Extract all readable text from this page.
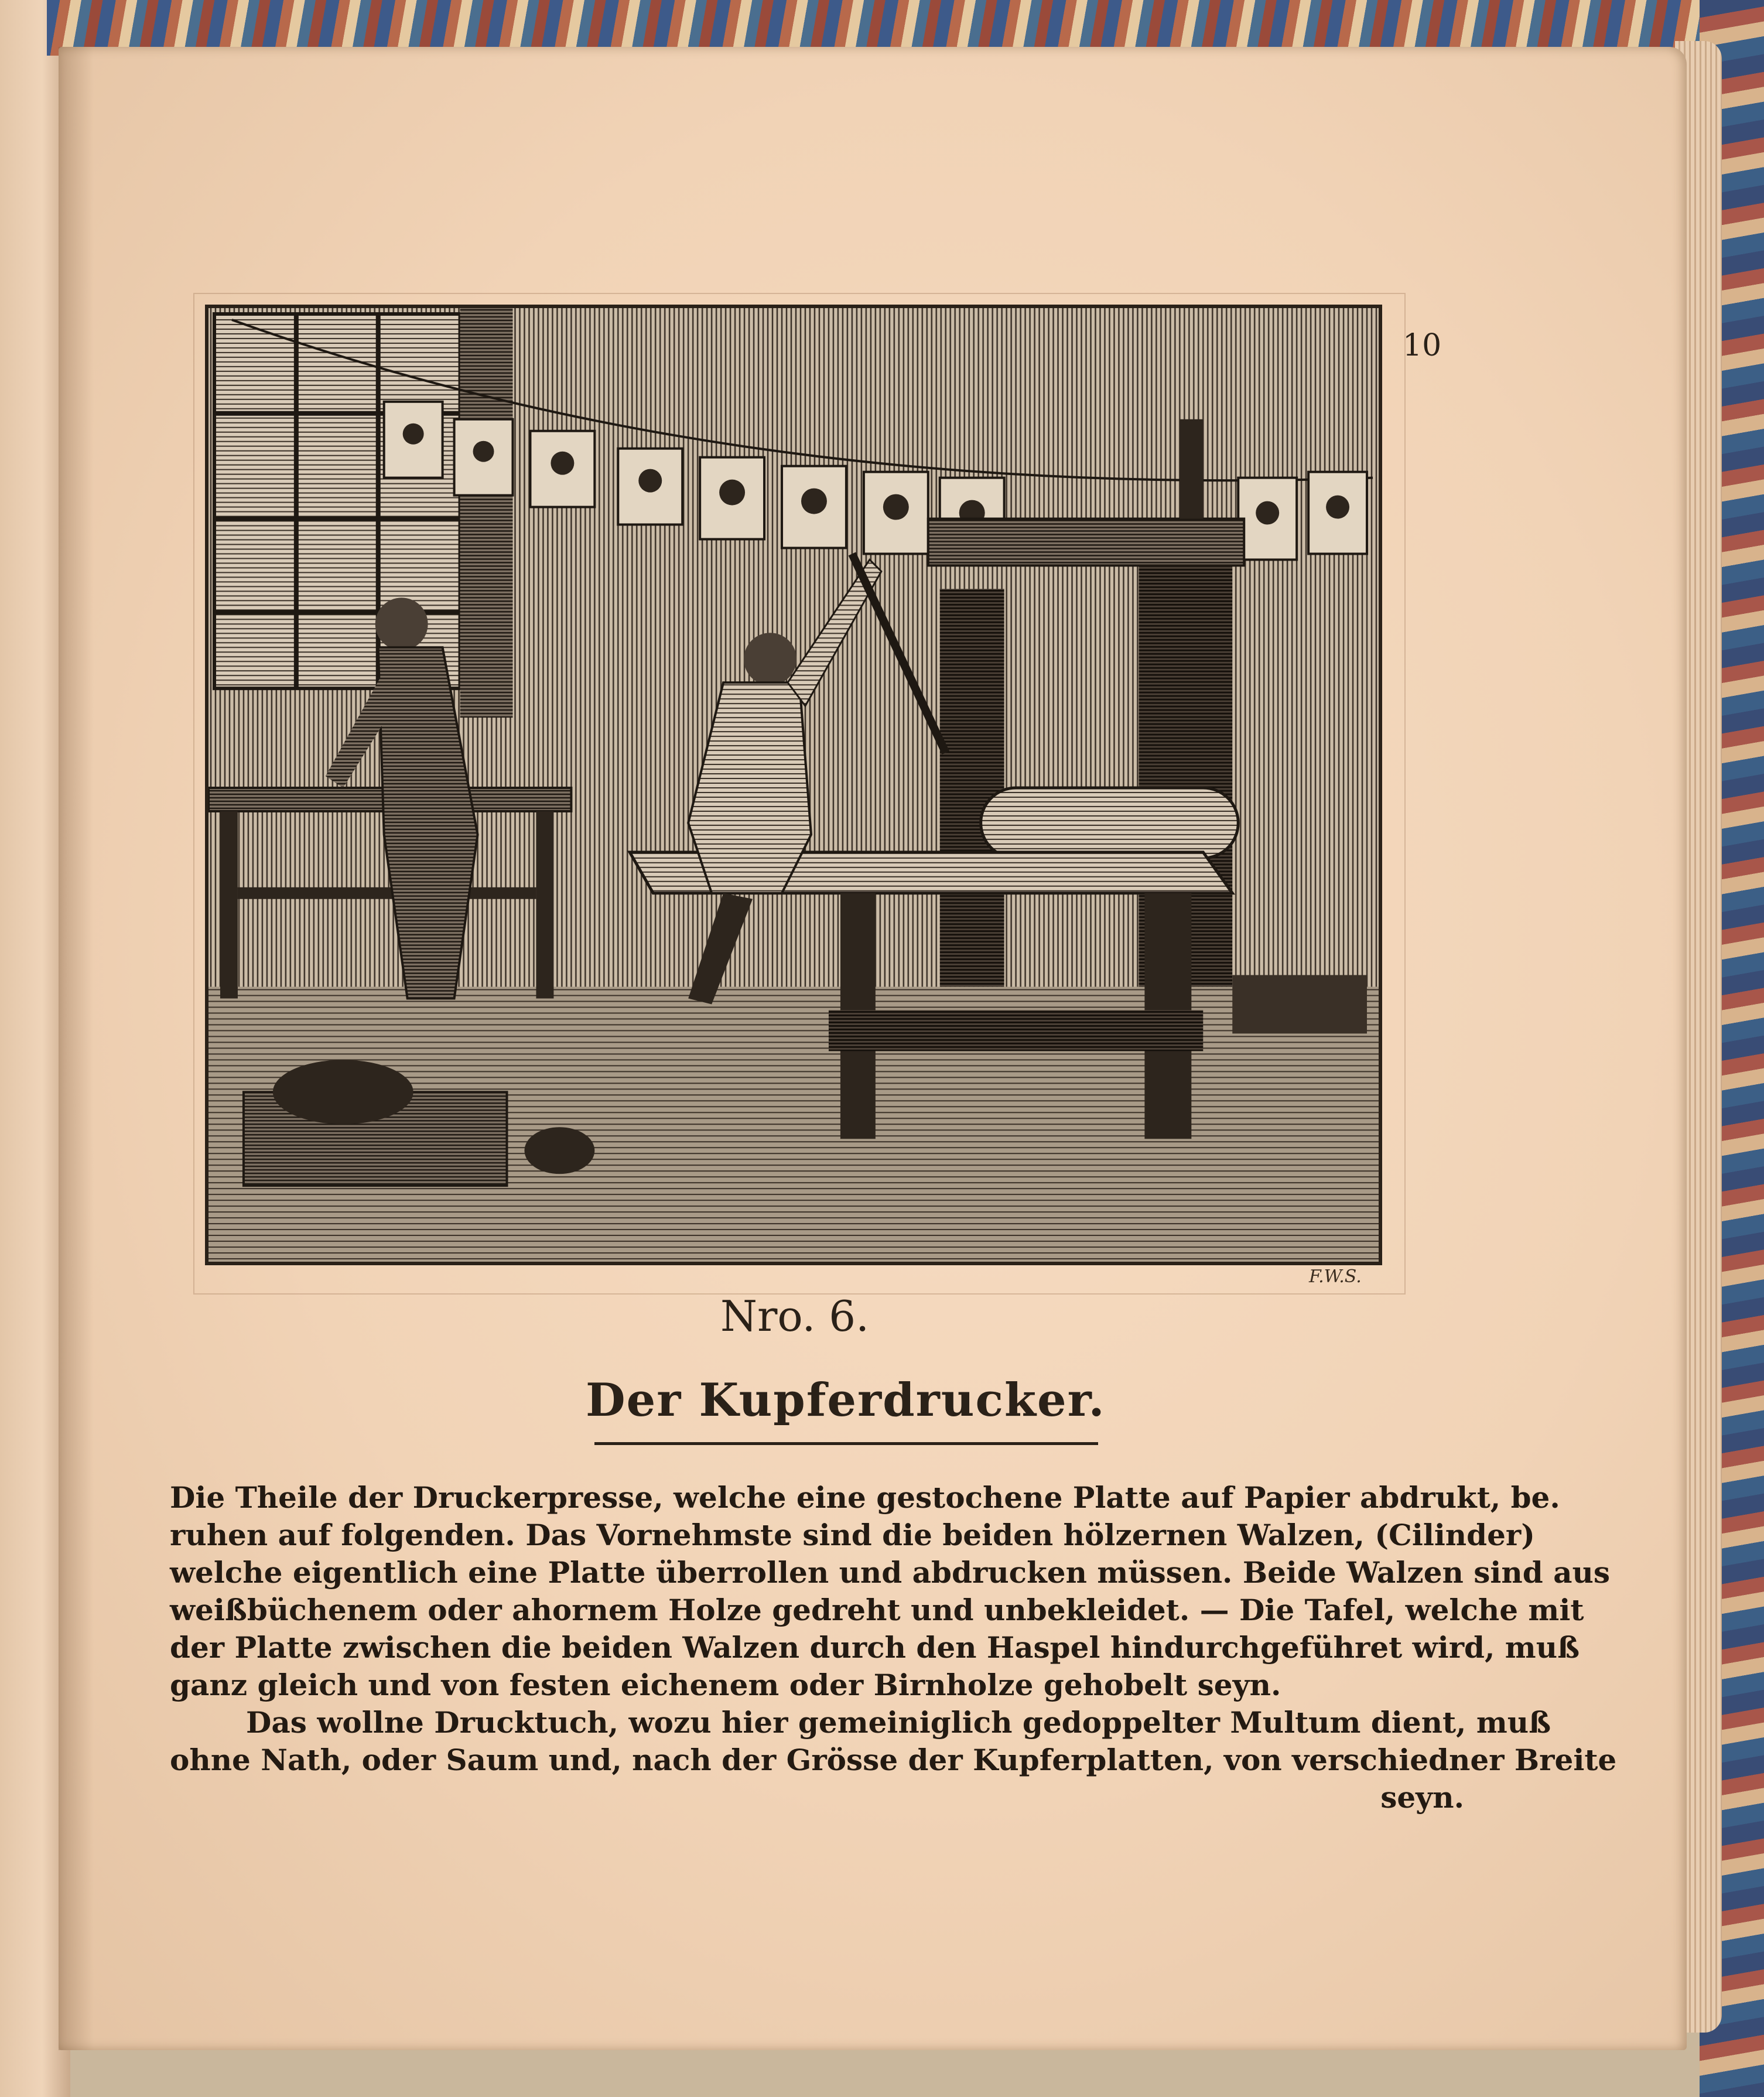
10
F.W.S.
Nro. 6.
Der Kupferdrucker.
Die Theile der Druckerpresse, welche eine gestochene Platte auf Papier abdrukt, be.
ruhen auf folgenden. Das Vornehmste sind die beiden hölzernen Walzen, (Cilinder)
welche eigentlich eine Platte überrollen und abdrucken müssen. Beide Walzen sind aus
weißbüchenem oder ahornem Holze gedreht und unbekleidet. — Die Tafel, welche mit
der Platte zwischen die beiden Walzen durch den Haspel hindurchgeführet wird, muß
ganz gleich und von festen eichenem oder Birnholze gehobelt seyn.
Das wollne Drucktuch, wozu hier gemeiniglich gedoppelter Multum dient, muß
ohne Nath, oder Saum und, nach der Grösse der Kupferplatten, von verschiedner Breite
seyn.
